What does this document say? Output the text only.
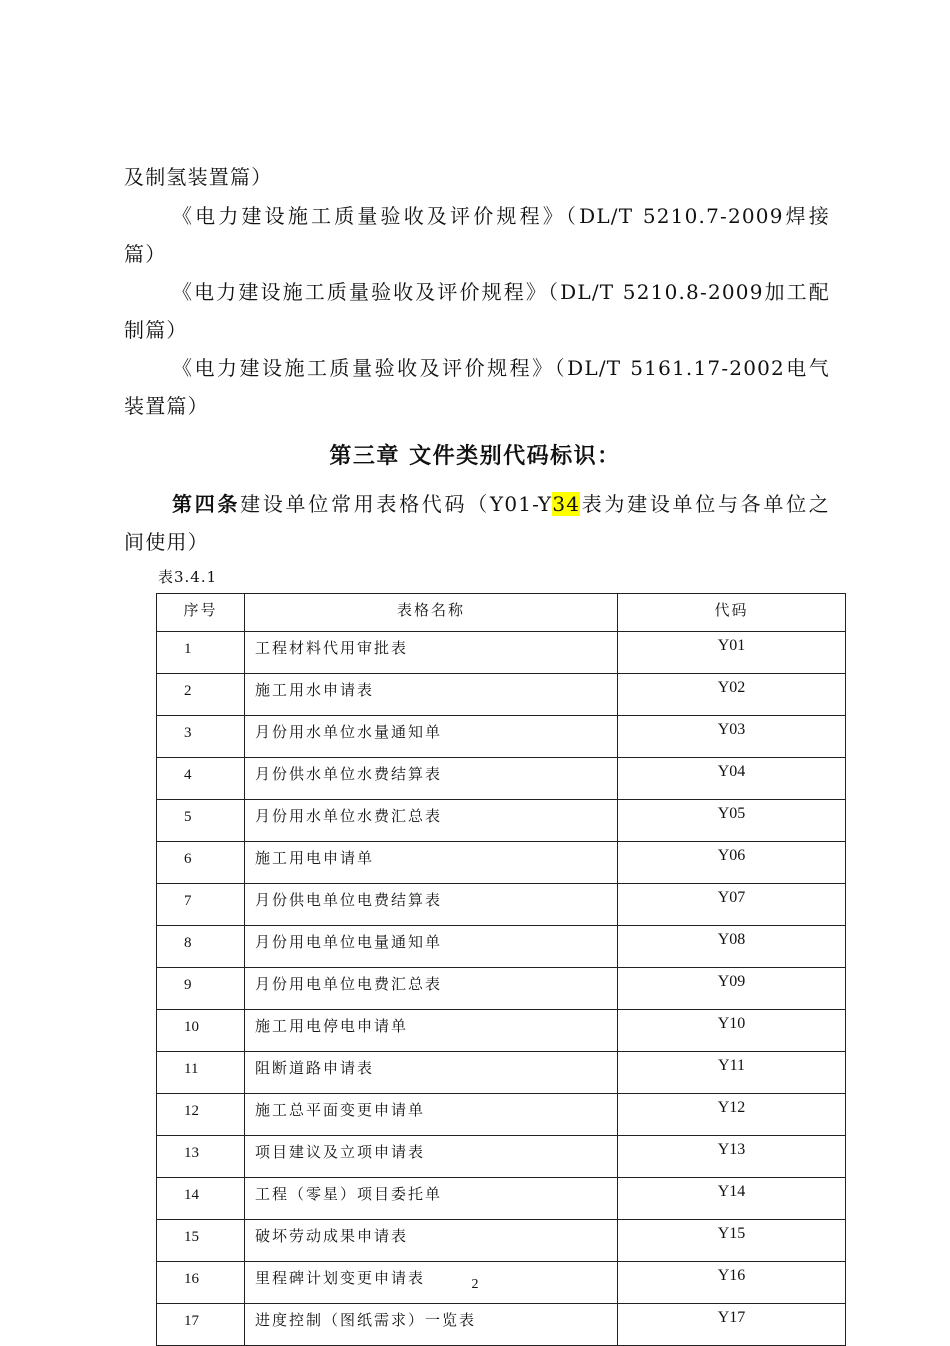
及制氢装置篇）
《电力建设施工质量验收及评价规程》（DL/T 5210.7-2009焊接
篇）
《电力建设施工质量验收及评价规程》（DL/T 5210.8-2009加工配
制篇）
《电力建设施工质量验收及评价规程》（DL/T 5161.17-2002电气
装置篇）
第三章 文件类别代码标识：
第四条建设单位常用表格代码（Y01-Y34表为建设单位与各单位之
间使用）
表3.4.1
序号	表格名称	代码
1	工程材料代用审批表	Y01
2	施工用水申请表	Y02
3	月份用水单位水量通知单	Y03
4	月份供水单位水费结算表	Y04
5	月份用水单位水费汇总表	Y05
6	施工用电申请单	Y06
7	月份供电单位电费结算表	Y07
8	月份用电单位电量通知单	Y08
9	月份用电单位电费汇总表	Y09
10	施工用电停电申请单	Y10
11	阻断道路申请表	Y11
12	施工总平面变更申请单	Y12
13	项目建议及立项申请表	Y13
14	工程（零星）项目委托单	Y14
15	破坏劳动成果申请表	Y15
16	里程碑计划变更申请表	Y16
17	进度控制（图纸需求）一览表	Y17
2
